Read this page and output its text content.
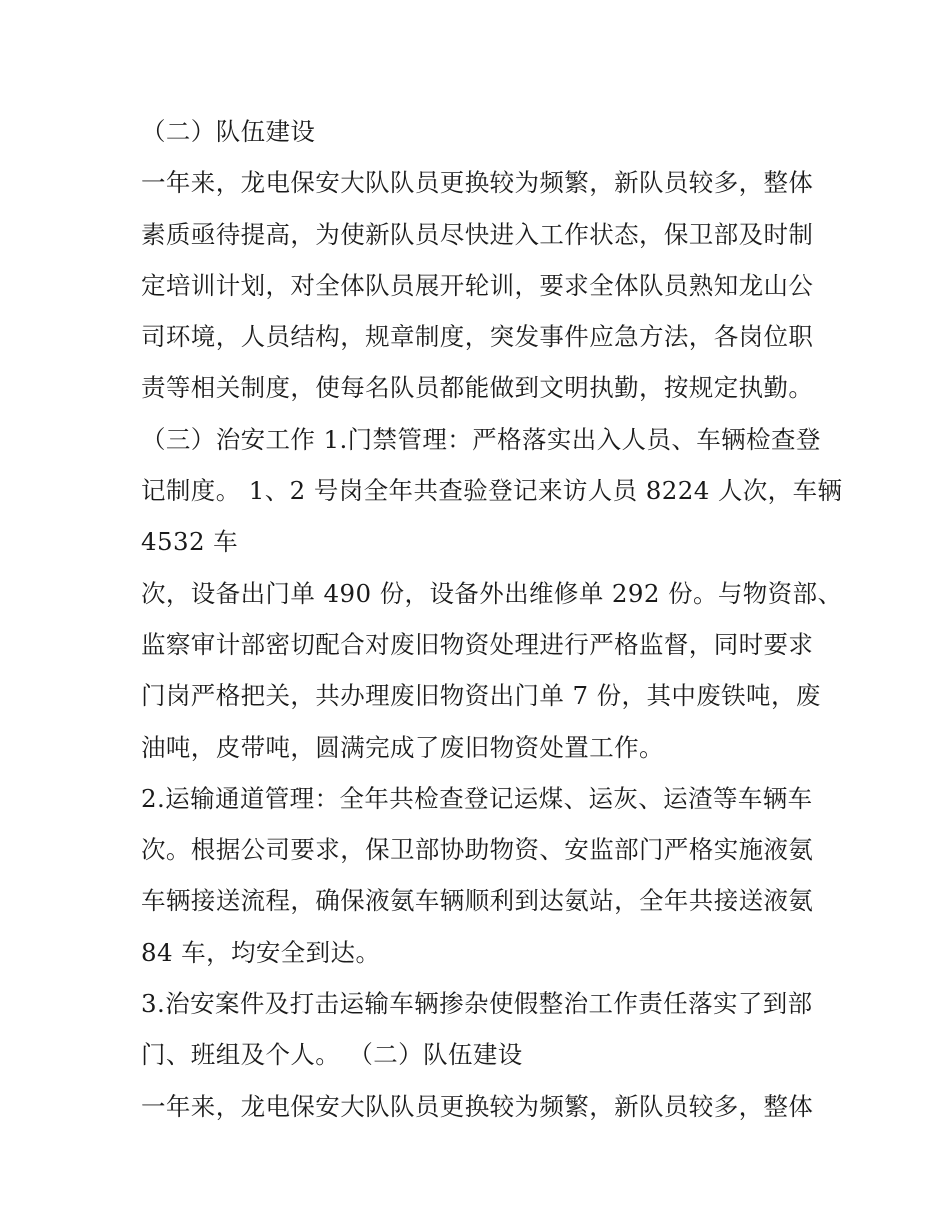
（二）队伍建设
一年来，龙电保安大队队员更换较为频繁，新队员较多，整体
素质亟待提高，为使新队员尽快进入工作状态，保卫部及时制
定培训计划，对全体队员展开轮训，要求全体队员熟知龙山公
司环境，人员结构，规章制度，突发事件应急方法，各岗位职
责等相关制度，使每名队员都能做到文明执勤，按规定执勤。
（三）治安工作 1.门禁管理：严格落实出入人员、车辆检查登
记制度。 1、2 号岗全年共查验登记来访人员 8224 人次，车辆
4532 车
次，设备出门单 490 份，设备外出维修单 292 份。与物资部、
监察审计部密切配合对废旧物资处理进行严格监督，同时要求
门岗严格把关，共办理废旧物资出门单 7 份，其中废铁吨，废
油吨，皮带吨，圆满完成了废旧物资处置工作。
2.运输通道管理：全年共检查登记运煤、运灰、运渣等车辆车
次。根据公司要求，保卫部协助物资、安监部门严格实施液氨
车辆接送流程，确保液氨车辆顺利到达氨站，全年共接送液氨
84 车，均安全到达。
3.治安案件及打击运输车辆掺杂使假整治工作责任落实了到部
门、班组及个人。 （二）队伍建设
一年来，龙电保安大队队员更换较为频繁，新队员较多，整体
